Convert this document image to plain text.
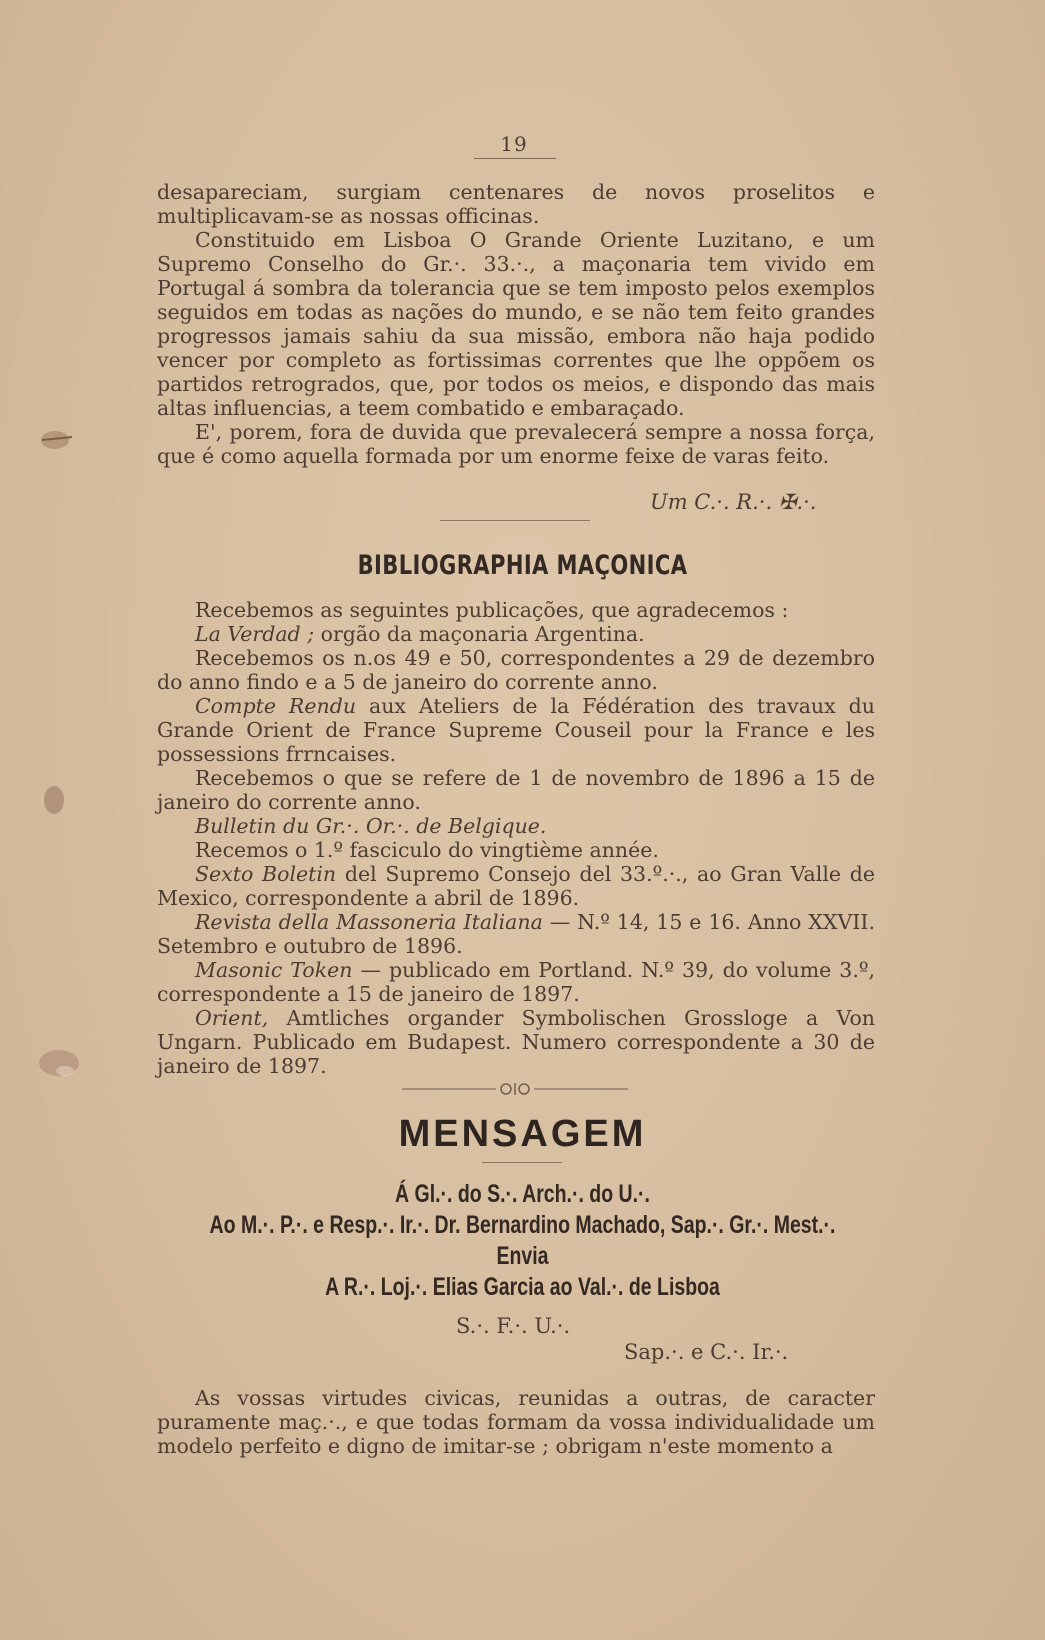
19

desapareciam, surgiam centenares de novos proselitos e multiplicavam-se as nossas officinas.

Constituido em Lisboa O Grande Oriente Luzitano, e um Supremo Conselho do Gr.·. 33.·., a maçonaria tem vivido em Portugal á sombra da tolerancia que se tem imposto pelos exemplos seguidos em todas as nações do mundo, e se não tem feito grandes progressos jamais sahiu da sua missão, embora não haja podido vencer por completo as fortissimas correntes que lhe oppõem os partidos retrogrados, que, por todos os meios, e dispondo das mais altas influencias, a teem combatido e embaraçado.

E', porem, fora de duvida que prevalecerá sempre a nossa força, que é como aquella formada por um enorme feixe de varas feito.

Um C.·. R.·. ✠.·.
BIBLIOGRAPHIA MAÇONICA

Recebemos as seguintes publicações, que agradecemos :

La Verdad ; orgão da maçonaria Argentina.

Recebemos os n.os 49 e 50, correspondentes a 29 de dezembro do anno findo e a 5 de janeiro do corrente anno.

Compte Rendu aux Ateliers de la Fédération des travaux du Grande Orient de France Supreme Couseil pour la France e les possessions frrncaises.

Recebemos o que se refere de 1 de novembro de 1896 a 15 de janeiro do corrente anno.

Bulletin du Gr.·. Or.·. de Belgique.

Recemos o 1.º fasciculo do vingtième année.

Sexto Boletin del Supremo Consejo del 33.º.·., ao Gran Valle de Mexico, correspondente a abril de 1896.

Revista della Massoneria Italiana — N.º 14, 15 e 16. Anno XXVII. Setembro e outubro de 1896.

Masonic Token — publicado em Portland. N.º 39, do volume 3.º, correspondente a 15 de janeiro de 1897.

Orient, Amtliches organder Symbolischen Grossloge a Von Ungarn. Publicado em Budapest. Numero correspondente a 30 de janeiro de 1897.

MENSAGEM
Á Gl.·. do S.·. Arch.·. do U.·.
Ao M.·. P.·. e Resp.·. Ir.·. Dr. Bernardino Machado, Sap.·. Gr.·. Mest.·.
Envia
A R.·. Loj.·. Elias Garcia ao Val.·. de Lisboa
S.·. F.·. U.·.
Sap.·. e C.·. Ir.·.

As vossas virtudes civicas, reunidas a outras, de caracter puramente maç.·., e que todas formam da vossa individualidade um modelo perfeito e digno de imitar-se ; obrigam n'este momento a
